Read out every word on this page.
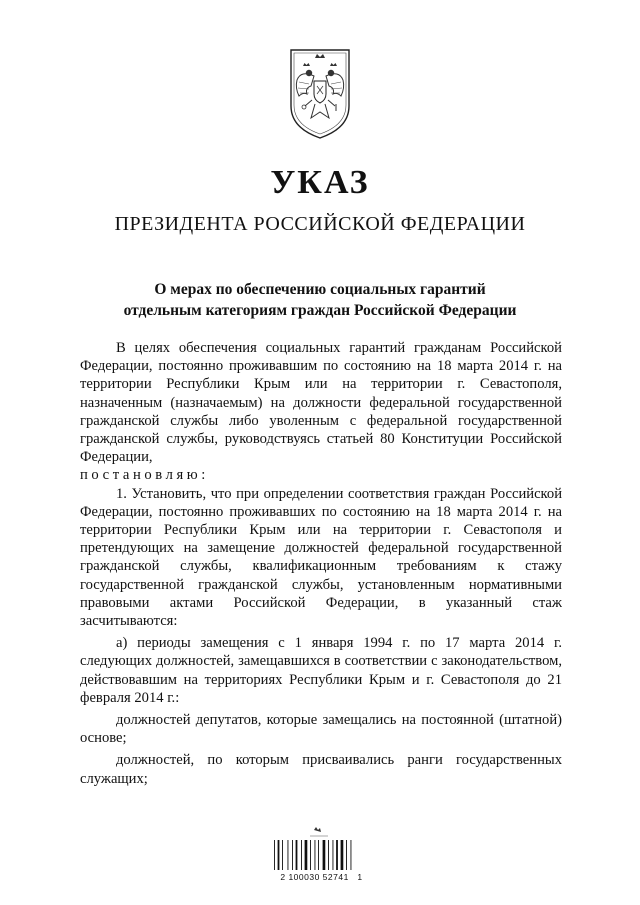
УКАЗ
ПРЕЗИДЕНТА РОССИЙСКОЙ ФЕДЕРАЦИИ
О мерах по обеспечению социальных гарантий
отдельным категориям граждан Российской Федерации

В целях обеспечения социальных гарантий гражданам Российской Федерации, постоянно проживавшим по состоянию на 18 марта 2014 г. на территории Республики Крым или на территории г. Севастополя, назначенным (назначаемым) на должности федеральной государственной гражданской службы либо уволенным с федеральной государственной гражданской службы, руководствуясь статьей 80 Конституции Российской Федерации,

постановляю:

1. Установить, что при определении соответствия граждан Российской Федерации, постоянно проживавших по состоянию на 18 марта 2014 г. на территории Республики Крым или на территории г. Севастополя и претендующих на замещение должностей федеральной государственной гражданской службы, квалификационным требованиям к стажу государственной гражданской службы, установленным нормативными правовыми актами Российской Федерации, в указанный стаж засчитываются:

а) периоды замещения с 1 января 1994 г. по 17 марта 2014 г. следующих должностей, замещавшихся в соответствии с законодательством, действовавшим на территориях Республики Крым и г. Севастополя до 21 февраля 2014 г.:

должностей депутатов, которые замещались на постоянной (штатной) основе;

должностей, по которым присваивались ранги государственных служащих;

2 100030 52741   1
